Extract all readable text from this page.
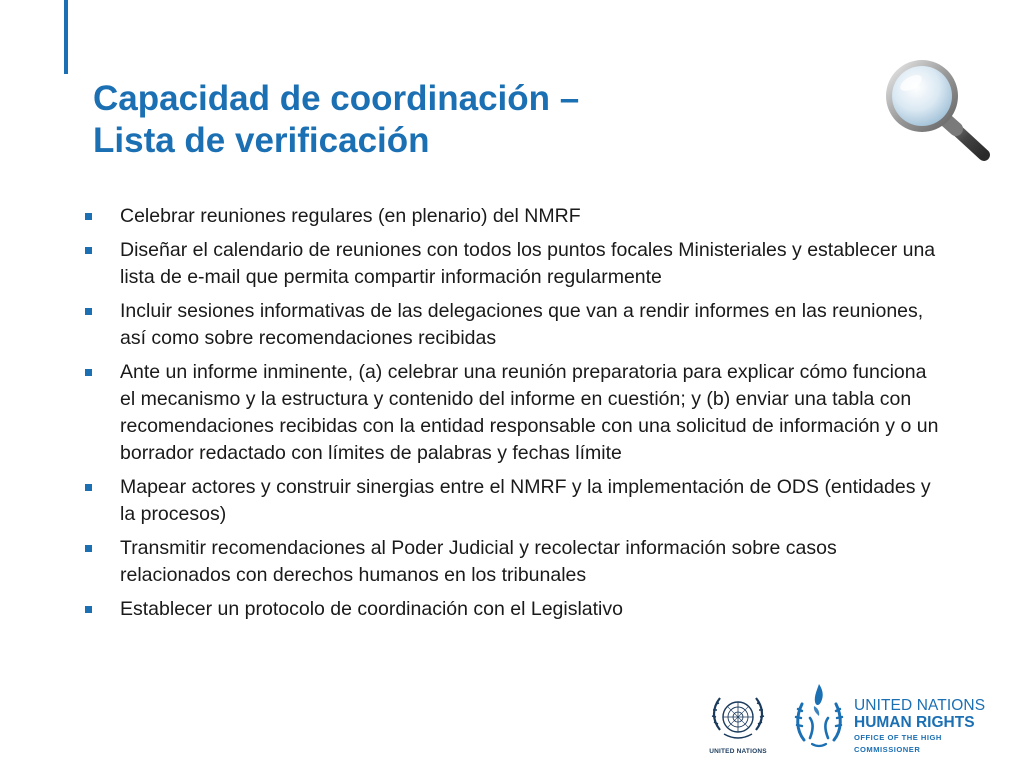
Capacidad de coordinación –
Lista de verificación
Celebrar reuniones regulares (en plenario) del NMRF
Diseñar el calendario de reuniones con todos los puntos focales Ministeriales y establecer una lista de e-mail que permita compartir información regularmente
Incluir sesiones informativas de las delegaciones que van a rendir informes en las reuniones, así como sobre recomendaciones recibidas
Ante un informe inminente, (a) celebrar una reunión preparatoria para explicar cómo funciona el mecanismo y la estructura y contenido del informe en cuestión; y (b) enviar una tabla con recomendaciones recibidas con la entidad responsable con una solicitud de información y o un borrador redactado con límites de palabras y fechas límite
Mapear actores y construir sinergias entre el NMRF y la implementación de ODS (entidades y la procesos)
Transmitir recomendaciones al Poder Judicial y recolectar información sobre casos relacionados con derechos humanos en los tribunales
Establecer un protocolo de coordinación con el Legislativo
UNITED NATIONS
UNITED NATIONS
HUMAN RIGHTS
OFFICE OF THE HIGH COMMISSIONER
